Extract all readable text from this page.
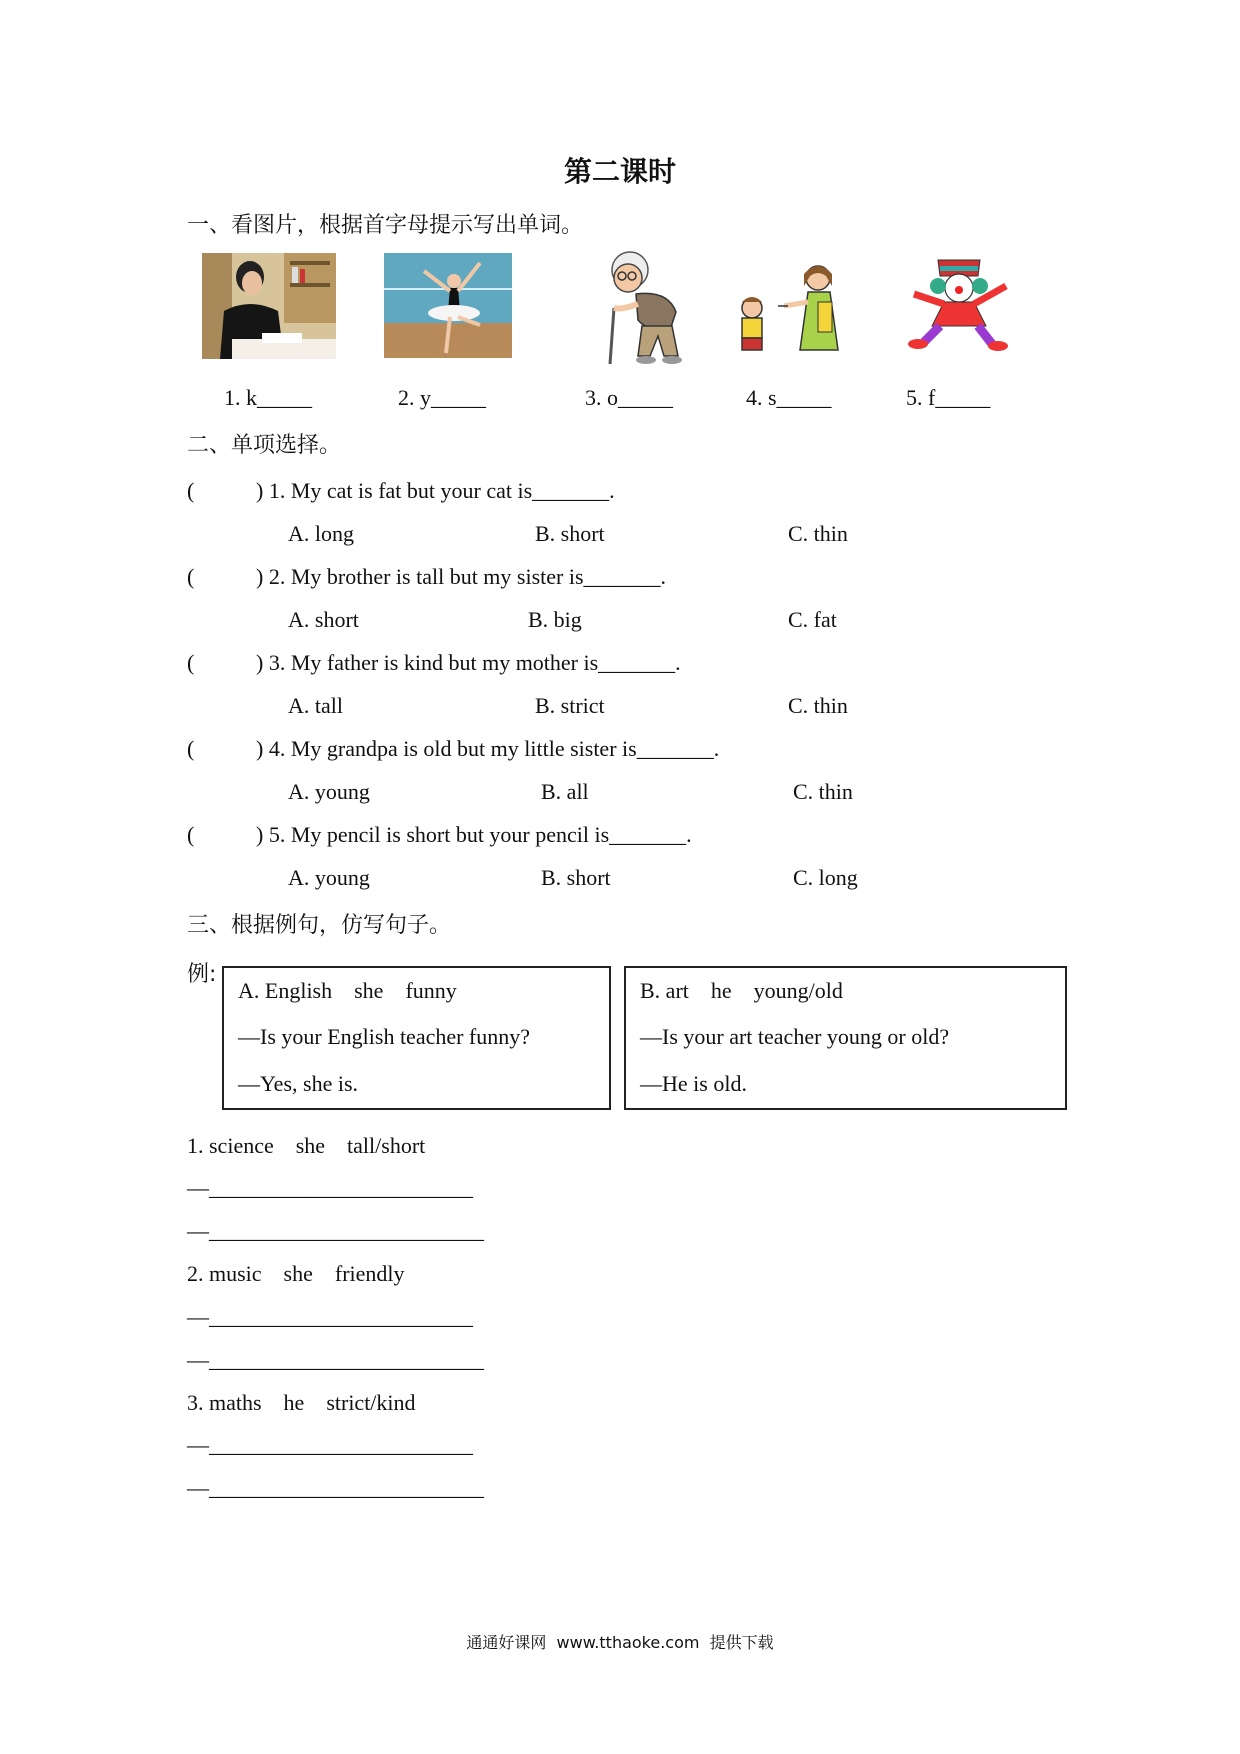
第二课时
一、看图片，根据首字母提示写出单词。
1. k_____	2. y_____	3. o_____	4. s_____	5. f_____
二、单项选择。
(	) 1. My cat is fat but your cat is_______.
A. long	B. short	C. thin
(	) 2. My brother is tall but my sister is_______.
A. short	B. big	C. fat
(	) 3. My father is kind but my mother is_______.
A. tall	B. strict	C. thin
(	) 4. My grandpa is old but my little sister is_______.
A. young	B. all	C. thin
(	) 5. My pencil is short but your pencil is_______.
A. young	B. short	C. long
三、根据例句，仿写句子。
例:
A. English    she    funny
—Is your English teacher funny?
—Yes, she is.
B. art    he    young/old
—Is your art teacher young or old?
—He is old.
1. science    she    tall/short
—________________________
—_________________________
2. music    she    friendly
—________________________
—_________________________
3. maths    he    strict/kind
—________________________
—_________________________
通通好课网  www.tthaoke.com  提供下载
